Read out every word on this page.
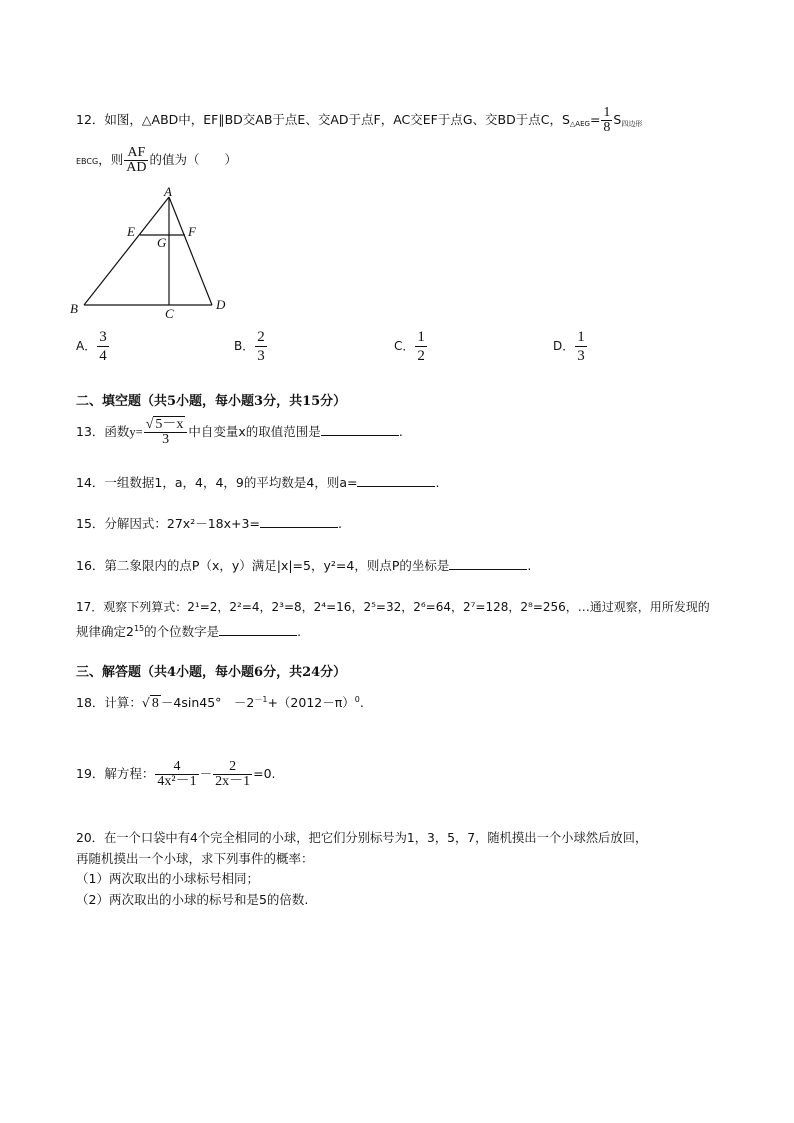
12．如图，△ABD中，EF∥BD交AB于点E、交AD于点F，AC交EF于点G、交BD于点C，$S_{\triangle AEG}= \frac{1}{8} S_{四边形}$
EBCG，则 $\frac{AF}{AD}$ 的值为（　　）
A
B	C
D
E	F
G
A． $\frac{3}{4}$	B． $\frac{2}{3}$	C． $\frac{1}{2}$	D． $\frac{1}{3}$
二、填空题（共5小题，每小题3分，共15分）
13．函数$y= \frac{√ 5-x}{3}$ 中自变量x的取值范围是	.
14．一组数据1，a，4，4，9的平均数是4，则a=	.
15．分解因式：27x²－18x+3=	.
16．第二象限内的点P（x，y）满足|x|=5，y²=4，则点P的坐标是	.
17．观察下列算式：2¹=2，2²=4，2³=8，2⁴=16，2⁵=32，2⁶=64，2⁷=128，2⁸=256，…通过观察，用所发现的
规律确定$2^{15}$的个位数字是	.
三、解答题（共4小题，每小题6分，共24分）
18．计算：√ 8 －4sin45°　$-2^{-1}+(2012-\pi)^0$.
19．解方程： $\frac{4}{\text{4x²－1}} - \frac{2}{2x-1} =0$.
20．在一个口袋中有4个完全相同的小球，把它们分别标号为1，3，5，7，随机摸出一个小球然后放回，
再随机摸出一个小球，求下列事件的概率：
（1）两次取出的小球标号相同；
（2）两次取出的小球的标号和是5的倍数.
